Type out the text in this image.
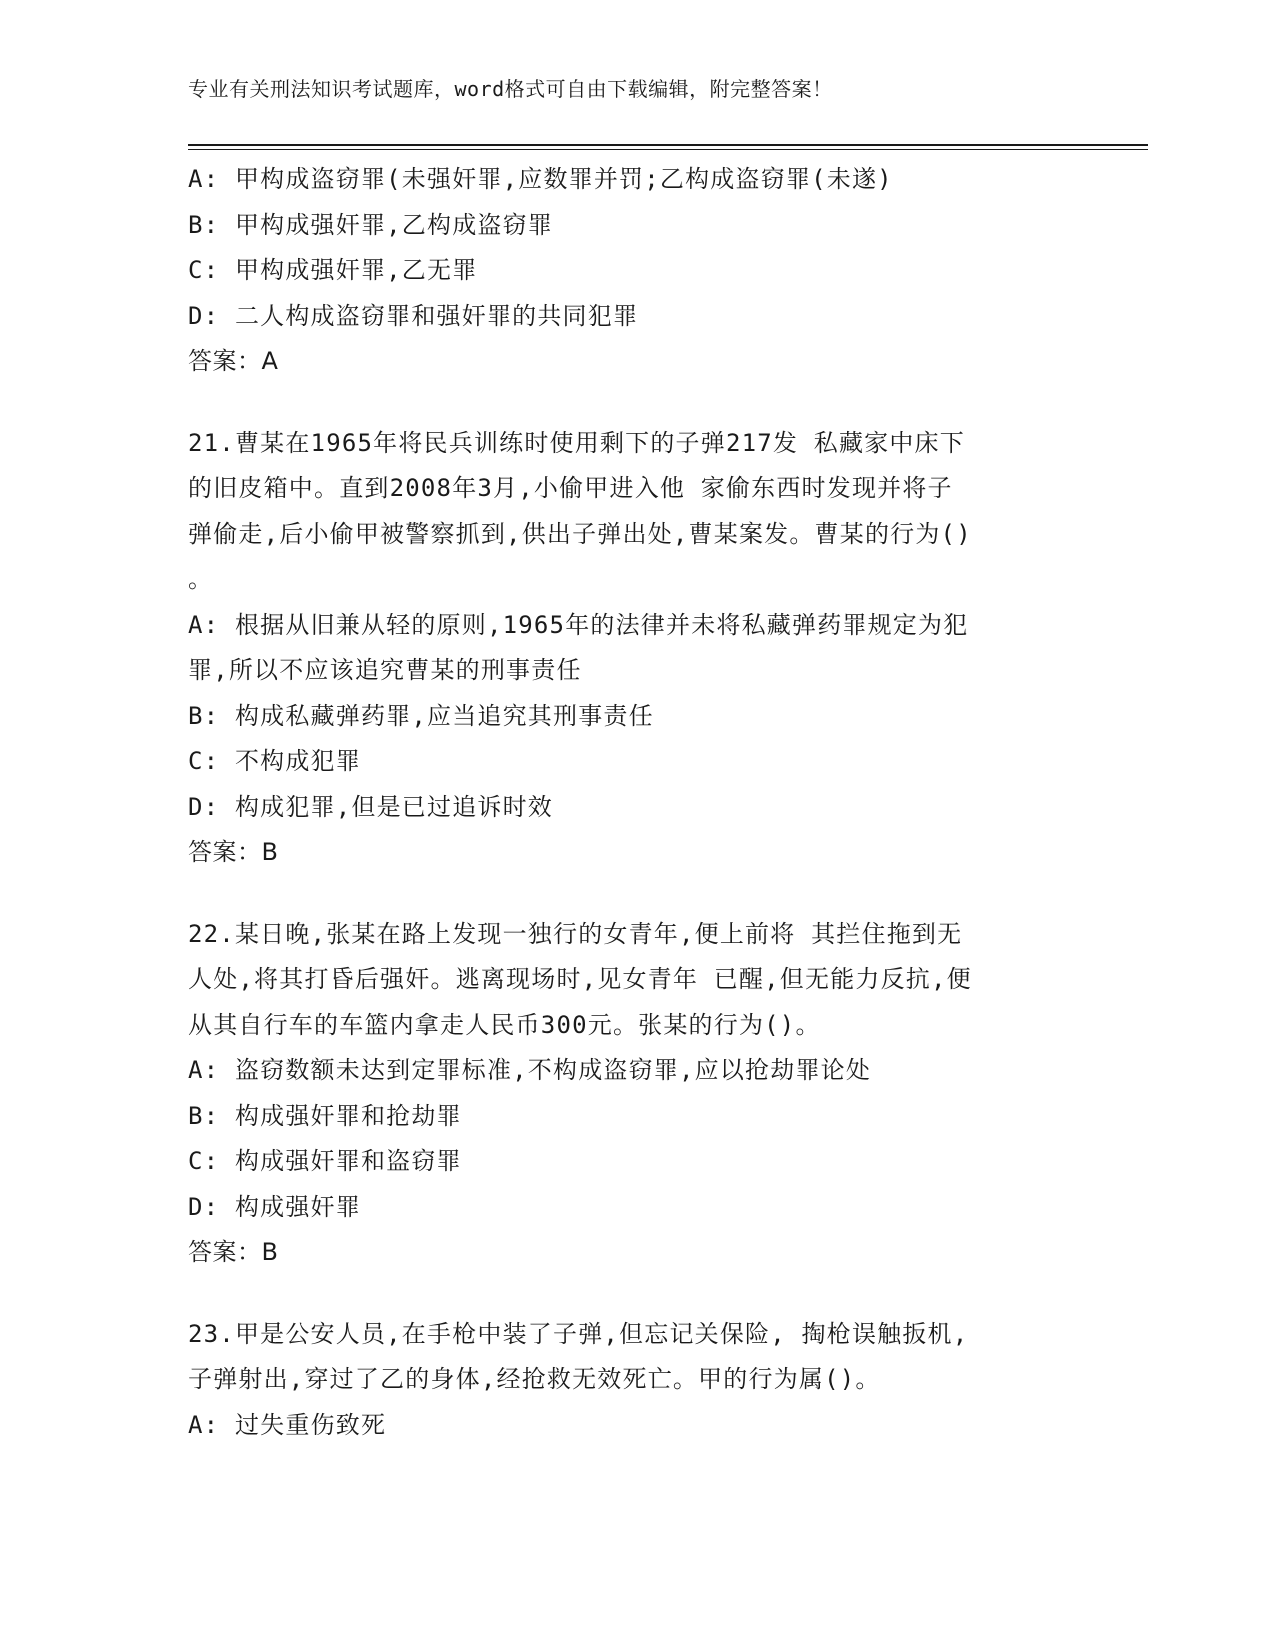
专业有关刑法知识考试题库，word格式可自由下载编辑，附完整答案！
A: 甲构成盗窃罪(未强奸罪,应数罪并罚;乙构成盗窃罪(未遂)
B: 甲构成强奸罪,乙构成盗窃罪
C: 甲构成强奸罪,乙无罪
D: 二人构成盗窃罪和强奸罪的共同犯罪
答案：A
21.曹某在1965年将民兵训练时使用剩下的子弹217发 私藏家中床下
的旧皮箱中。直到2008年3月,小偷甲进入他 家偷东西时发现并将子
弹偷走,后小偷甲被警察抓到,供出子弹出处,曹某案发。曹某的行为()
。
A: 根据从旧兼从轻的原则,1965年的法律并未将私藏弹药罪规定为犯
罪,所以不应该追究曹某的刑事责任
B: 构成私藏弹药罪,应当追究其刑事责任
C: 不构成犯罪
D: 构成犯罪,但是已过追诉时效
答案：B
22.某日晚,张某在路上发现一独行的女青年,便上前将 其拦住拖到无
人处,将其打昏后强奸。逃离现场时,见女青年 已醒,但无能力反抗,便
从其自行车的车篮内拿走人民币300元。张某的行为()。
A: 盗窃数额未达到定罪标准,不构成盗窃罪,应以抢劫罪论处
B: 构成强奸罪和抢劫罪
C: 构成强奸罪和盗窃罪
D: 构成强奸罪
答案：B
23.甲是公安人员,在手枪中装了子弹,但忘记关保险, 掏枪误触扳机,
子弹射出,穿过了乙的身体,经抢救无效死亡。甲的行为属()。
A: 过失重伤致死
